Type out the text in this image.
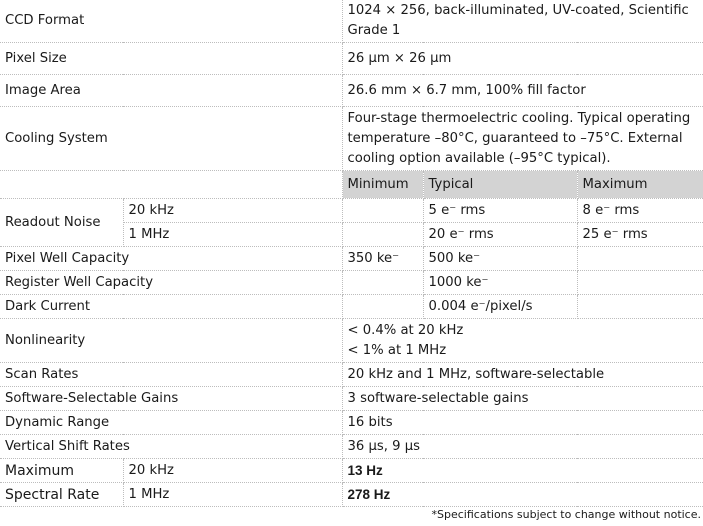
CCD Format		1024 × 256, back-illuminated, UV-coated, Scientific Grade 1		
Pixel Size		26 µm × 26 µm		
Image Area		26.6 mm × 6.7 mm, 100% fill factor		
Cooling System		Four-stage thermoelectric cooling. Typical operating temperature –80°C, guaranteed to –75°C. External cooling option available (–95°C typical).		
		Minimum	Typical	Maximum
Readout Noise	20 kHz		5 e⁻ rms	8 e⁻ rms
	1 MHz		20 e⁻ rms	25 e⁻ rms
Pixel Well Capacity		350 ke⁻	500 ke⁻	
Register Well Capacity			1000 ke⁻	
Dark Current			0.004 e⁻/pixel/s	
Nonlinearity		< 0.4% at 20 kHz
< 1% at 1 MHz		

Scan Rates		20 kHz and 1 MHz, software-selectable		
Software-Selectable Gains		3 software-selectable gains		
Dynamic Range		16 bits		
Vertical Shift Rates		36 µs, 9 µs		
Maximum	20 kHz	13 Hz		
Spectral Rate	1 MHz	278 Hz		
*Specifications subject to change without notice.
